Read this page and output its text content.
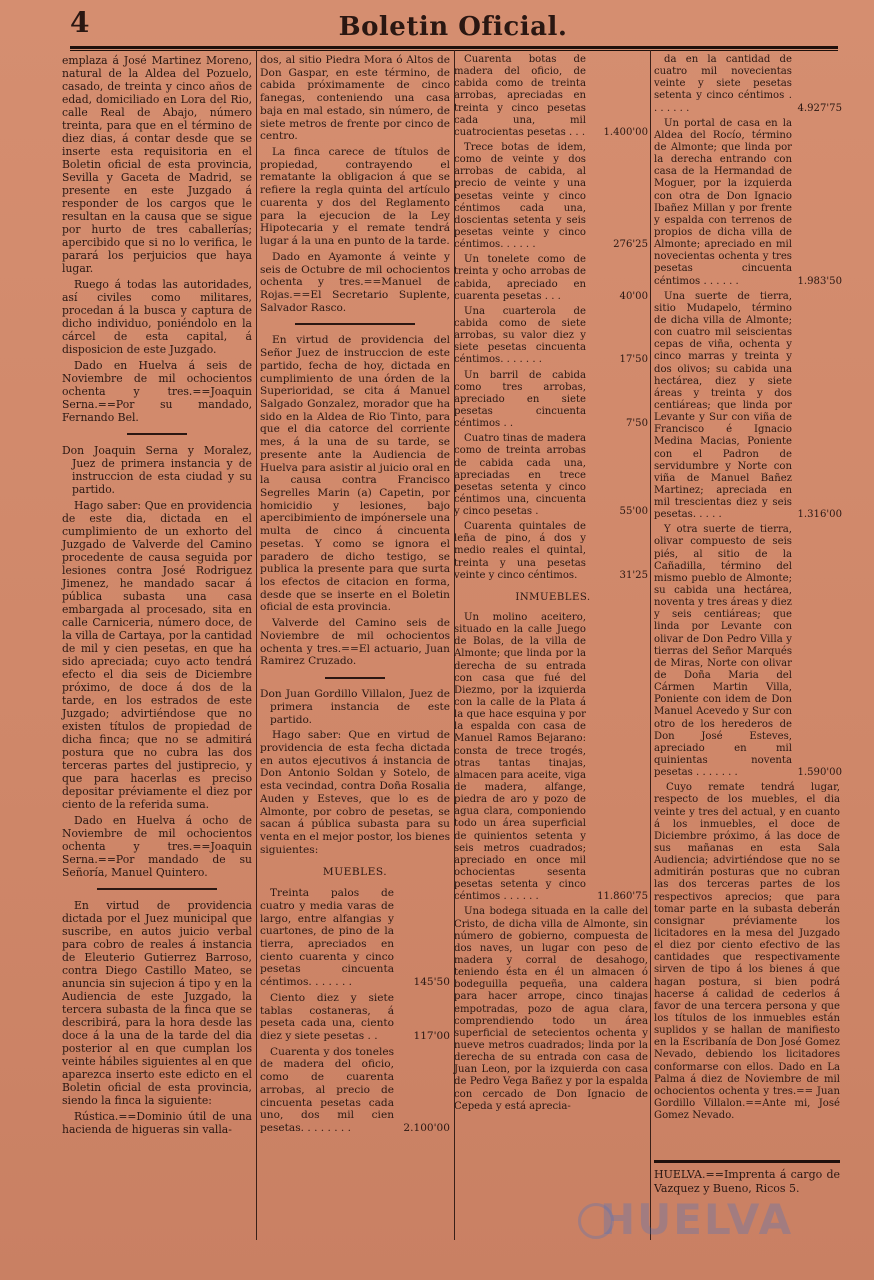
4	Boletin Oficial.

emplaza á José Martinez Moreno, natural de la Aldea del Pozuelo, casado, de treinta y cinco años de edad, domiciliado en Lora del Rio, calle Real de Abajo, número treinta, para que en el término de diez dias, á contar desde que se inserte esta requisitoria en el Boletin oficial de esta provincia, Sevilla y Gaceta de Madrid, se presente en este Juzgado á responder de los cargos que le resultan en la causa que se sigue por hurto de tres caballerías; apercibido que si no lo verifica, le parará los perjuicios que haya lugar.

Ruego á todas las autoridades, así civiles como militares, procedan á la busca y captura de dicho individuo, poniéndolo en la cárcel de esta capital, á disposicion de este Juzgado.

Dado en Huelva á seis de Noviembre de mil ochocientos ochenta y tres.==Joaquin Serna.==Por su mandado, Fernando Bel.

Don Joaquin Serna y Moralez, Juez de primera instancia y de instruccion de esta ciudad y su partido.

Hago saber: Que en providencia de este dia, dictada en el cumplimiento de un exhorto del Juzgado de Valverde del Camino procedente de causa seguida por lesiones contra José Rodriguez Jimenez, he mandado sacar á pública subasta una casa embargada al procesado, sita en calle Carniceria, número doce, de la villa de Cartaya, por la cantidad de mil y cien pesetas, en que ha sido apreciada; cuyo acto tendrá efecto el dia seis de Diciembre próximo, de doce á dos de la tarde, en los estrados de este Juzgado; advirtiéndose que no existen títulos de propiedad de dicha finca; que no se admitirá postura que no cubra las dos terceras partes del justiprecio, y que para hacerlas es preciso depositar préviamente el diez por ciento de la referida suma.

Dado en Huelva á ocho de Noviembre de mil ochocientos ochenta y tres.==Joaquin Serna.==Por mandado de su Señoría, Manuel Quintero.

En virtud de providencia dictada por el Juez municipal que suscribe, en autos juicio verbal para cobro de reales á instancia de Eleuterio Gutierrez Barroso, contra Diego Castillo Mateo, se anuncia sin sujecion á tipo y en la Audiencia de este Juzgado, la tercera subasta de la finca que se describirá, para la hora desde las doce á la una de la tarde del dia posterior al en que cumplan los veinte hábiles siguientes al en que aparezca inserto este edicto en el Boletin oficial de esta provincia, siendo la finca la siguiente:

Rústica.==Dominio útil de una hacienda de higueras sin valla-

dos, al sitio Piedra Mora ó Altos de Don Gaspar, en este término, de cabida próximamente de cinco fanegas, conteniendo una casa baja en mal estado, sin número, de siete metros de frente por cinco de centro.

La finca carece de títulos de propiedad, contrayendo el rematante la obligacion á que se refiere la regla quinta del artículo cuarenta y dos del Reglamento para la ejecucion de la Ley Hipotecaria y el remate tendrá lugar á la una en punto de la tarde.

Dado en Ayamonte á veinte y seis de Octubre de mil ochocientos ochenta y tres.==Manuel de Rojas.==El Secretario Suplente, Salvador Rasco.

En virtud de providencia del Señor Juez de instruccion de este partido, fecha de hoy, dictada en cumplimiento de una órden de la Superioridad, se cita á Manuel Salgado Gonzalez, morador que ha sido en la Aldea de Rio Tinto, para que el dia catorce del corriente mes, á la una de su tarde, se presente ante la Audiencia de Huelva para asistir al juicio oral en la causa contra Francisco Segrelles Marin (a) Capetin, por homicidio y lesiones, bajo apercibimiento de impónersele una multa de cinco á cincuenta pesetas. Y como se ignora el paradero de dicho testigo, se publica la presente para que surta los efectos de citacion en forma, desde que se inserte en el Boletin oficial de esta provincia.

Valverde del Camino seis de Noviembre de mil ochocientos ochenta y tres.==El actuario, Juan Ramirez Cruzado.

Don Juan Gordillo Villalon, Juez de primera instancia de este partido.

Hago saber: Que en virtud de providencia de esta fecha dictada en autos ejecutivos á instancia de Don Antonio Soldan y Sotelo, de esta vecindad, contra Doña Rosalia Auden y Esteves, que lo es de Almonte, por cobro de pesetas, se sacan á pública subasta para su venta en el mejor postor, los bienes siguientes:

MUEBLES.

Treinta palos de cuatro y media varas de largo, entre alfangias y cuartones, de pino de la tierra, apreciados en ciento cuarenta y cinco pesetas cincuenta céntimos. . . . . . .	145'50
Ciento diez y siete tablas costaneras, á peseta cada una, ciento diez y siete pesetas . .	117'00
Cuarenta y dos toneles de madera del oficio, como de cuarenta arrobas, al precio de cincuenta pesetas cada uno, dos mil cien pesetas. . . . . . . .	2.100'00
Cuarenta botas de madera del oficio, de cabida como de treinta arrobas, apreciadas en treinta y cinco pesetas cada una, mil cuatrocientas pesetas . . .	1.400'00
Trece botas de idem, como de veinte y dos arrobas de cabida, al precio de veinte y una pesetas veinte y cinco céntimos cada una, doscientas setenta y seis pesetas veinte y cinco céntimos. . . . . .	276'25
Un tonelete como de treinta y ocho arrobas de cabida, apreciado en cuarenta pesetas . . .	40'00
Una cuarterola de cabida como de siete arrobas, su valor diez y siete pesetas cincuenta céntimos. . . . . . .	17'50
Un barril de cabida como tres arrobas, apreciado en siete pesetas cincuenta céntimos . .	7'50
Cuatro tinas de madera como de treinta arrobas de cabida cada una, apreciadas en trece pesetas setenta y cinco céntimos una, cincuenta y cinco pesetas .	55'00
Cuarenta quintales de leña de pino, á dos y medio reales el quintal, treinta y una pesetas veinte y cinco céntimos.	31'25

INMUEBLES.

Un molino aceitero, situado en la calle Juego de Bolas, de la villa de Almonte; que linda por la derecha de su entrada con casa que fué del Diezmo, por la izquierda con la calle de la Plata á la que hace esquina y por la espalda con casa de Manuel Ramos Bejarano: consta de trece trogés, otras tantas tinajas, almacen para aceite, viga de madera, alfange, piedra de aro y pozo de agua clara, componiendo todo un área superficial de quinientos setenta y seis metros cuadrados; apreciado en once mil ochocientas sesenta pesetas setenta y cinco céntimos . . . . . .	11.860'75
Una bodega situada en la calle del Cristo, de dicha villa de Almonte, sin número de gobierno, compuesta de dos naves, un lugar con peso de madera y corral de desahogo, teniendo ésta en él un almacen ó bodeguilla pequeña, una caldera para hacer arrope, cinco tinajas empotradas, pozo de agua clara, comprendiendo todo un área superficial de setecientos ochenta y nueve metros cuadrados; linda por la derecha de su entrada con casa de Juan Leon, por la izquierda con casa de Pedro Vega Bañez y por la espalda con cercado de Don Ignacio de Cepeda y está apreciа-
da en la cantidad de cuatro mil novecientas veinte y siete pesetas setenta y cinco céntimos . . . . . . .	4.927'75
Un portal de casa en la Aldea del Rocío, término de Almonte; que linda por la derecha entrando con casa de la Hermandad de Moguer, por la izquierda con otra de Don Ignacio Ibañez Millan y por frente y espalda con terrenos de propios de dicha villa de Almonte; apreciado en mil novecientas ochenta y tres pesetas cincuenta céntimos . . . . . .	1.983'50
Una suerte de tierra, sitio Mudapelo, término de dicha villa de Almonte; con cuatro mil seiscientas cepas de viña, ochenta y cinco marras y treinta y dos olivos; su cabida una hectárea, diez y siete áreas y treinta y dos centiáreas; que linda por Levante y Sur con viña de Francisco é Ignacio Medina Macias, Poniente con el Padron de servidumbre y Norte con viña de Manuel Bañez Martinez; apreciada en mil trescientas diez y seis pesetas. . . . .	1.316'00
Y otra suerte de tierra, olivar compuesto de seis piés, al sitio de la Cañadilla, término del mismo pueblo de Almonte; su cabida una hectárea, noventa y tres áreas y diez y seis centiáreas; que linda por Levante con olivar de Don Pedro Villa y tierras del Señor Marqués de Miras, Norte con olivar de Doña Maria del Cármen Martin Villa, Poniente con idem de Don Manuel Acevedo y Sur con otro de los herederos de Don José Esteves, apreciado en mil quinientas noventa pesetas . . . . . . .	1.590'00

Cuyo remate tendrá lugar, respecto de los muebles, el dia veinte y tres del actual, y en cuanto á los inmuebles, el doce de Diciembre próximo, á las doce de sus mañanas en esta Sala Audiencia; advirtiéndose que no se admitirán posturas que no cubran las dos terceras partes de los respectivos aprecios; que para tomar parte en la subasta deberán consignar préviamente los licitadores en la mesa del Juzgado el diez por ciento efectivo de las cantidades que respectivamente sirven de tipo á los bienes á que hagan postura, si bien podrá hacerse á calidad de cederlos á favor de una tercera persona y que los títulos de los inmuebles están suplidos y se hallan de manifiesto en la Escribanía de Don José Gomez Nevado, debiendo los licitadores conformarse con ellos. Dado en La Palma á diez de Noviembre de mil ochocientos ochenta y tres.== Juan Gordillo Villalon.==Ante mi, José Gomez Nevado.

HUELVA.==Imprenta á cargo de Vazquez y Bueno, Ricos 5.
HUELVA
